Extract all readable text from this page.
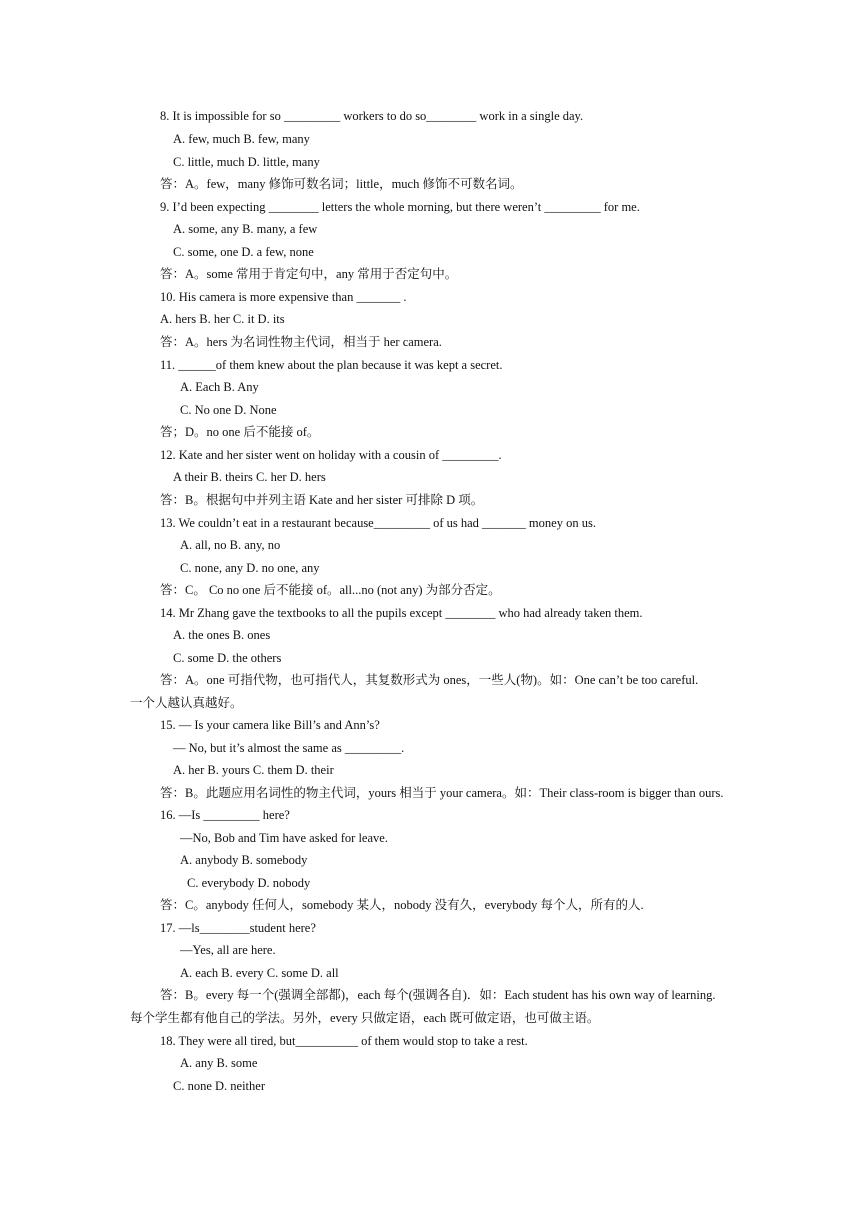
8. It is impossible for so _________ workers to do so________ work in a single day.
A. few, much B. few, many
C. little, much D. little, many
答：A。few，many 修饰可数名词；little，much 修饰不可数名词。
9. I’d been expecting ________ letters the whole morning, but there weren’t _________ for me.
A. some, any B. many, a few
C. some, one D. a few, none
答：A。some 常用于肯定句中，any 常用于否定句中。
10. His camera is more expensive than _______ .
A. hers B. her C. it D. its
答：A。hers 为名词性物主代词，相当于 her camera.
11. ______of them knew about the plan because it was kept a secret.
A. Each B. Any
C. No one D. None
答；D。no one 后不能接 of。
12. Kate and her sister went on holiday with a cousin of _________.
A their B. theirs C. her D. hers
答：B。根据句中并列主语 Kate and her sister 可排除 D 项。
13. We couldn’t eat in a restaurant because_________ of us had _______ money on us.
A. all, no B. any, no
C. none, any D. no one, any
答：C。 Co no one 后不能接 of。all...no (not any) 为部分否定。
14. Mr Zhang gave the textbooks to all the pupils except ________ who had already taken them.
A. the ones B. ones
C. some D. the others
答：A。one 可指代物，也可指代人，其复数形式为 ones，一些人(物)。如：One can’t be too careful.
一个人越认真越好。
15. — Is your camera like Bill’s and Ann’s?
— No, but it’s almost the same as _________.
A. her B. yours C. them D. their
答：B。此题应用名词性的物主代词，yours 相当于 your camera。如：Their class-room is bigger than ours.
16. —Is _________ here?
—No, Bob and Tim have asked for leave.
A. anybody B. somebody
C. everybody D. nobody
答：C。anybody 任何人，somebody 某人，nobody 没有久，everybody 每个人，所有的人.
17. —ls________student here?
—Yes, all are here.
A. each B. every C. some D. all
答：B。every 每一个(强调全部都)，each 每个(强调各自)．如：Each student has his own way of learning.
每个学生都有他自己的学法。另外，every 只做定语，each 既可做定语，也可做主语。
18. They were all tired, but__________ of them would stop to take a rest.
A. any B. some
C. none D. neither
